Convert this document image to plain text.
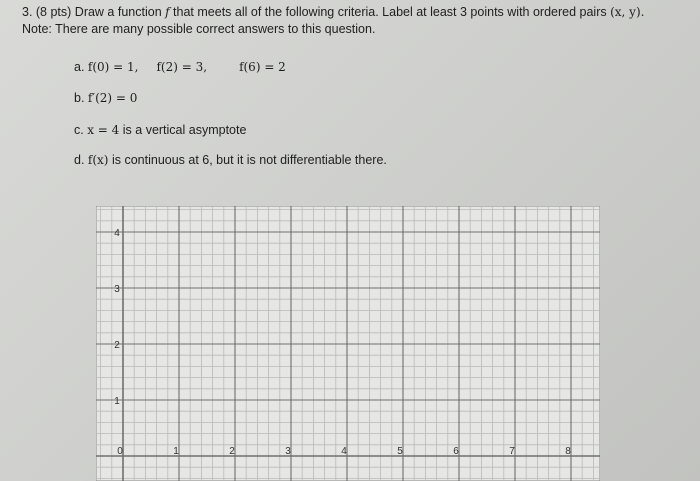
3. (8 pts) Draw a function f that meets all of the following criteria. Label at least 3 points with ordered pairs (x, y).
Note: There are many possible correct answers to this question.
a. f(0) = 1, f(2) = 3,	f(6) = 2
b. f′(2) = 0
c. x = 4 is a vertical asymptote
d. f(x) is continuous at 6, but it is not differentiable there.
0	1	2	3	4	5	6	7	8
1
2
3
4
